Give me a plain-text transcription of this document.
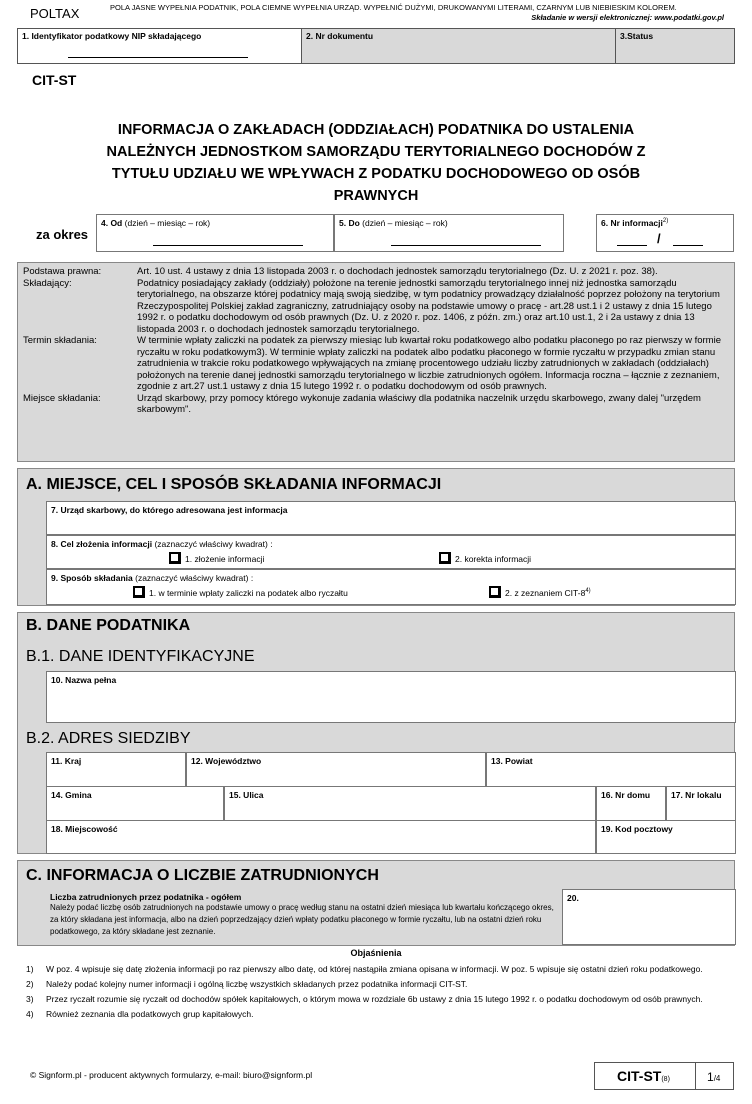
POLTAX	POLA JASNE WYPEŁNIA PODATNIK, POLA CIEMNE WYPEŁNIA URZĄD. WYPEŁNIĆ DUŻYMI, DRUKOWANYMI LITERAMI, CZARNYM LUB NIEBIESKIM KOLOREM.
Składanie w wersji elektronicznej: www.podatki.gov.pl
1. Identyfikator podatkowy NIP składającego	2. Nr dokumentu	3.Status
CIT-ST
INFORMACJA O ZAKŁADACH (ODDZIAŁACH) PODATNIKA DO USTALENIA NALEŻNYCH JEDNOSTKOM SAMORZĄDU TERYTORIALNEGO DOCHODÓW Z TYTUŁU UDZIAŁU WE WPŁYWACH Z PODATKU DOCHODOWEGO OD OSÓB PRAWNYCH
za okres
4. Od (dzień – miesiąc – rok)	5. Do (dzień – miesiąc – rok)	6. Nr informacji$^{2)}$
/
Podstawa prawna:	Art. 10 ust. 4 ustawy z dnia 13 listopada 2003 r. o dochodach jednostek samorządu terytorialnego (Dz. U. z 2021 r. poz. 38).
Składający:	Podatnicy posiadający zakłady (oddziały) położone na terenie jednostki samorządu terytorialnego innej niż jednostka samorządu terytorialnego, na obszarze której podatnicy mają swoją siedzibę, w tym podatnicy prowadzący działalność poprzez położony na terytorium Rzeczypospolitej Polskiej zakład zagraniczny, zatrudniający osoby na podstawie umowy o pracę - art.28 ust.1 i 2 ustawy z dnia 15 lutego 1992 r. o podatku dochodowym od osób prawnych (Dz. U. z 2020 r. poz. 1406, z późn. zm.) oraz art.10 ust.1, 2 i 2a ustawy z dnia 13 listopada 2003 r. o dochodach jednostek samorządu terytorialnego.
Termin składania:	W terminie wpłaty zaliczki na podatek za pierwszy miesiąc lub kwartał roku podatkowego albo podatku płaconego po raz pierwszy w formie ryczałtu w roku podatkowym3). W terminie wpłaty zaliczki na podatek albo podatku płaconego w formie ryczałtu w przypadku zmian stanu zatrudnienia w trakcie roku podatkowego wpływających na zmianę procentowego udziału liczby zatrudnionych w zakładach (oddziałach) położonych na terenie danej jednostki samorządu terytorialnego w liczbie zatrudnionych ogółem. Informacja roczna – łącznie z zeznaniem, zgodnie z art.27 ust.1 ustawy z dnia 15 lutego 1992 r. o podatku dochodowym od osób prawnych.
Miejsce składania:	Urząd skarbowy, przy pomocy którego wykonuje zadania właściwy dla podatnika naczelnik urzędu skarbowego, zwany dalej "urzędem skarbowym".
A. MIEJSCE, CEL I SPOSÓB SKŁADANIA INFORMACJI
7. Urząd skarbowy, do którego adresowana jest informacja
8. Cel złożenia informacji (zaznaczyć właściwy kwadrat) :
1. złożenie informacji	2. korekta informacji
9. Sposób składania (zaznaczyć właściwy kwadrat) :
1. w terminie wpłaty zaliczki na podatek albo ryczałtu	2. z zeznaniem CIT-8$^{4)}$
B. DANE PODATNIKA
B.1. DANE IDENTYFIKACYJNE
10. Nazwa pełna
B.2. ADRES SIEDZIBY
11. Kraj	12. Województwo	13. Powiat
14. Gmina	15. Ulica	16. Nr domu 17. Nr lokalu
18. Miejscowość	19. Kod pocztowy
C. INFORMACJA O LICZBIE ZATRUDNIONYCH
Liczba zatrudnionych przez podatnika - ogółem
Należy podać liczbę osób zatrudnionych na podstawie umowy o pracę według stanu na ostatni dzień miesiąca lub kwartału kończącego okres, za który składana jest informacja, albo na dzień poprzedzający dzień wpłaty podatku płaconego w formie ryczałtu, lub na ostatni dzień roku podatkowego, za który składane jest zeznanie.
20.
Objaśnienia
1)	W poz. 4 wpisuje się datę złożenia informacji po raz pierwszy albo datę, od której nastąpiła zmiana opisana w informacji. W poz. 5 wpisuje się ostatni dzień roku podatkowego.
2)	Należy podać kolejny numer informacji i ogólną liczbę wszystkich składanych przez podatnika informacji CIT-ST.
3)	Przez ryczałt rozumie się ryczałt od dochodów spółek kapitałowych, o którym mowa w rozdziale 6b ustawy z dnia 15 lutego 1992 r. o podatku dochodowym od osób prawnych.
4)	Również zeznania dla podatkowych grup kapitałowych.
© Signform.pl - producent aktywnych formularzy, e-mail: biuro@signform.pl	CIT-ST(8)	1/4
